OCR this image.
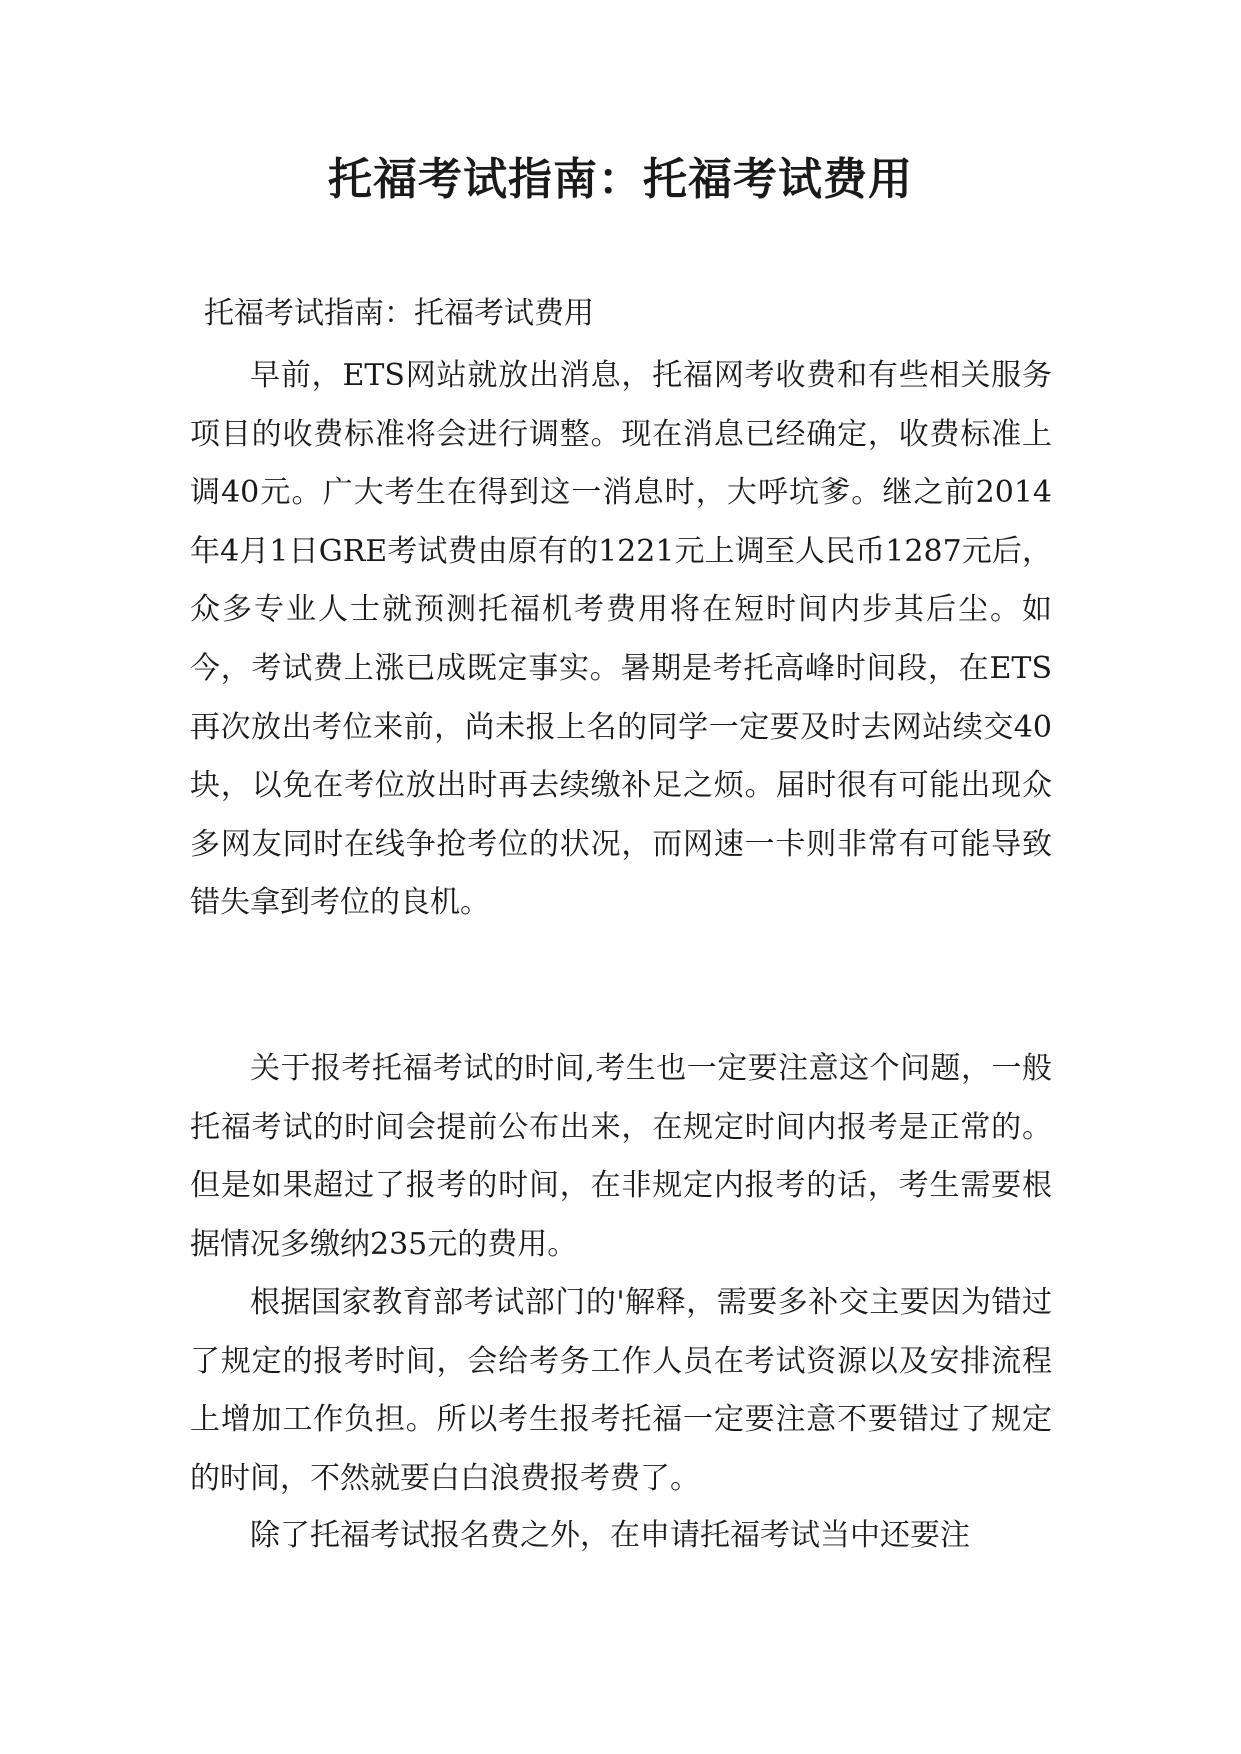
托福考试指南：托福考试费用

托福考试指南：托福考试费用

早前，ETS网站就放出消息，托福网考收费和有些相关服务项目的收费标准将会进行调整。现在消息已经确定，收费标准上调40元。广大考生在得到这一消息时，大呼坑爹。继之前2014年4月1日GRE考试费由原有的1221元上调至人民币1287元后，众多专业人士就预测托福机考费用将在短时间内步其后尘。如今，考试费上涨已成既定事实。暑期是考托高峰时间段，在ETS再次放出考位来前，尚未报上名的同学一定要及时去网站续交40块，以免在考位放出时再去续缴补足之烦。届时很有可能出现众多网友同时在线争抢考位的状况，而网速一卡则非常有可能导致错失拿到考位的良机。

关于报考托福考试的时间,考生也一定要注意这个问题，一般托福考试的时间会提前公布出来，在规定时间内报考是正常的。但是如果超过了报考的时间，在非规定内报考的话，考生需要根据情况多缴纳235元的费用。

根据国家教育部考试部门的'解释，需要多补交主要因为错过了规定的报考时间，会给考务工作人员在考试资源以及安排流程上增加工作负担。所以考生报考托福一定要注意不要错过了规定的时间，不然就要白白浪费报考费了。

除了托福考试报名费之外，在申请托福考试当中还要注
